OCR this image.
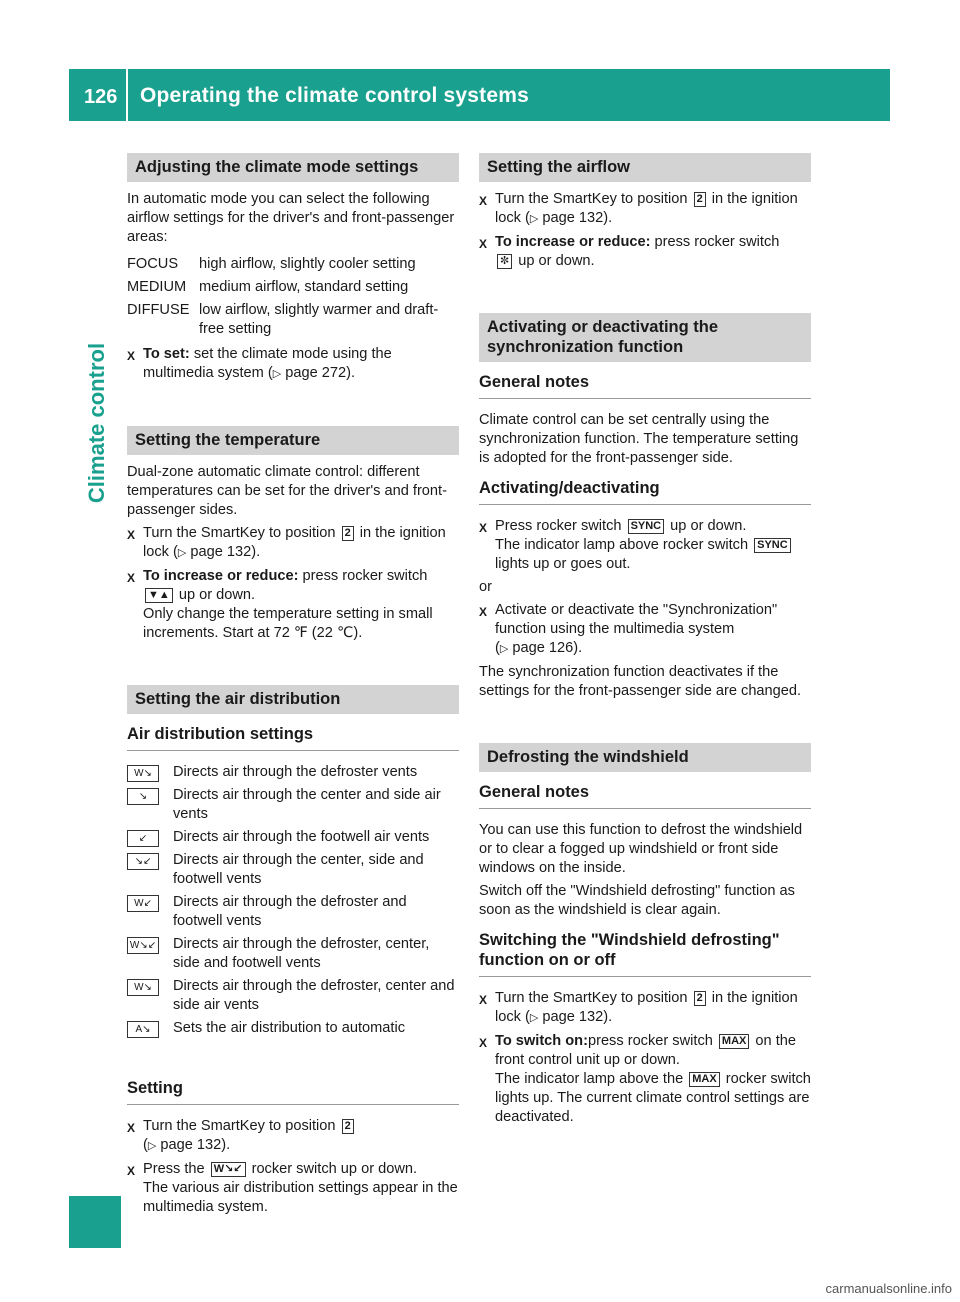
126 Operating the climate control systems
Climate control
Adjusting the climate mode settings

In automatic mode you can select the following airflow settings for the driver's and front-passenger areas:

FOCUS	high airflow, slightly cooler setting
MEDIUM medium airflow, standard setting
DIFFUSE low airflow, slightly warmer and draft-free setting
X To set: set the climate mode using the multimedia system (▷ page 272).
Setting the temperature

Dual-zone automatic climate control: different temperatures can be set for the driver's and front-passenger sides.

X Turn the SmartKey to position 2 in the ignition lock (▷ page 132).
X To increase or reduce: press rocker switch
▼▲ up or down.
Only change the temperature setting in small increments. Start at 72 ℉ (22 ℃).
Setting the air distribution
Air distribution settings
W↘	Directs air through the defroster vents
↘	Directs air through the center and side air vents
↙	Directs air through the footwell air vents
↘↙	Directs air through the center, side and footwell vents
W↙	Directs air through the defroster and footwell vents
W↘↙	Directs air through the defroster, center, side and footwell vents
W↘	Directs air through the defroster, center and side air vents
A↘	Sets the air distribution to automatic
Setting
X Turn the SmartKey to position 2
(▷ page 132).
X Press the W↘↙ rocker switch up or down.
The various air distribution settings appear in the multimedia system.
Setting the airflow
X Turn the SmartKey to position 2 in the ignition lock (▷ page 132).
X To increase or reduce: press rocker switch
✼ up or down.
Activating or deactivating the synchronization function
General notes

Climate control can be set centrally using the synchronization function. The temperature setting is adopted for the front-passenger side.

Activating/deactivating
X Press rocker switch SYNC up or down.
The indicator lamp above rocker switch SYNC lights up or goes out.

or

X Activate or deactivate the "Synchronization" function using the multimedia system
(▷ page 126).

The synchronization function deactivates if the settings for the front-passenger side are changed.

Defrosting the windshield
General notes

You can use this function to defrost the windshield or to clear a fogged up windshield or front side windows on the inside.

Switch off the "Windshield defrosting" function as soon as the windshield is clear again.

Switching the "Windshield defrosting" function on or off
X Turn the SmartKey to position 2 in the ignition lock (▷ page 132).
X To switch on:press rocker switch MAX on the front control unit up or down.
The indicator lamp above the MAX rocker switch lights up. The current climate control settings are deactivated.
carmanualsonline.info
